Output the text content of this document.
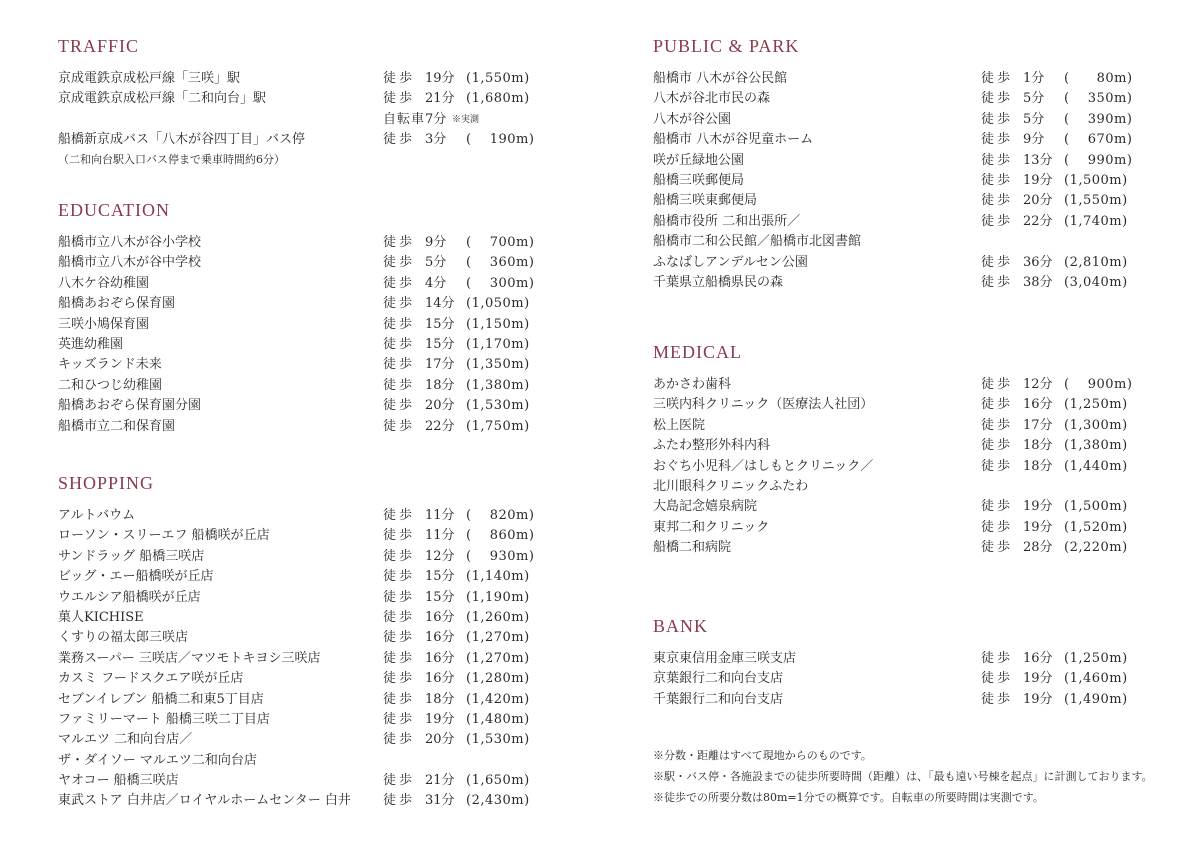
TRAFFIC
京成電鉄京成松戸線「三咲」駅	徒歩 19分 (1,550m)
京成電鉄京成松戸線「二和向台」駅	徒歩 21分 (1,680m)
自転車 7分 ※実測
船橋新京成バス「八木が谷四丁目」バス停	徒歩 3分 (　 190m)
（二和向台駅入口バス停まで乗車時間約6分）
EDUCATION
船橋市立八木が谷小学校	徒歩 9分 (　 700m)
船橋市立八木が谷中学校	徒歩 5分 (　 360m)
八木ケ谷幼稚園	徒歩 4分 (　 300m)
船橋あおぞら保育園	徒歩 14分 (1,050m)
三咲小鳩保育園	徒歩 15分 (1,150m)
英進幼稚園	徒歩 15分 (1,170m)
キッズランド未来	徒歩 17分 (1,350m)
二和ひつじ幼稚園	徒歩 18分 (1,380m)
船橋あおぞら保育園分園	徒歩 20分 (1,530m)
船橋市立二和保育園	徒歩 22分 (1,750m)
SHOPPING
アルトバウム	徒歩 11分 (　 820m)
ローソン・スリーエフ 船橋咲が丘店	徒歩 11分 (　 860m)
サンドラッグ 船橋三咲店	徒歩 12分 (　 930m)
ビッグ・エー船橋咲が丘店	徒歩 15分 (1,140m)
ウエルシア船橋咲が丘店	徒歩 15分 (1,190m)
菓人KICHISE	徒歩 16分 (1,260m)
くすりの福太郎三咲店	徒歩 16分 (1,270m)
業務スーパー 三咲店／マツモトキヨシ三咲店	徒歩 16分 (1,270m)
カスミ フードスクエア咲が丘店	徒歩 16分 (1,280m)
セブンイレブン 船橋二和東5丁目店	徒歩 18分 (1,420m)
ファミリーマート 船橋三咲二丁目店	徒歩 19分 (1,480m)
マルエツ 二和向台店／	徒歩 20分 (1,530m)
ザ・ダイソー マルエツ二和向台店
ヤオコー 船橋三咲店	徒歩 21分 (1,650m)
東武ストア 白井店／ロイヤルホームセンター 白井 徒歩 31分 (2,430m)
PUBLIC & PARK
船橋市 八木が谷公民館	徒歩 1分 (　　80m)
八木が谷北市民の森	徒歩 5分 (　 350m)
八木が谷公園	徒歩 5分 (　 390m)
船橋市 八木が谷児童ホーム	徒歩 9分 (　 670m)
咲が丘緑地公園	徒歩 13分 (　 990m)
船橋三咲郵便局	徒歩 19分 (1,500m)
船橋三咲東郵便局	徒歩 20分 (1,550m)
船橋市役所 二和出張所／	徒歩 22分 (1,740m)
船橋市二和公民館／船橋市北図書館
ふなばしアンデルセン公園	徒歩 36分 (2,810m)
千葉県立船橋県民の森	徒歩 38分 (3,040m)
MEDICAL
あかさわ歯科	徒歩 12分 (　 900m)
三咲内科クリニック（医療法人社団）	徒歩 16分 (1,250m)
松上医院	徒歩 17分 (1,300m)
ふたわ整形外科内科	徒歩 18分 (1,380m)
おぐち小児科／はしもとクリニック／	徒歩 18分 (1,440m)
北川眼科クリニックふたわ
大島記念嬉泉病院	徒歩 19分 (1,500m)
東邦二和クリニック	徒歩 19分 (1,520m)
船橋二和病院	徒歩 28分 (2,220m)
BANK
東京東信用金庫三咲支店	徒歩 16分 (1,250m)
京葉銀行二和向台支店	徒歩 19分 (1,460m)
千葉銀行二和向台支店	徒歩 19分 (1,490m)
※分数・距離はすべて現地からのものです。
※駅・バス停・各施設までの徒歩所要時間（距離）は、「最も遠い号棟を起点」に計測しております。
※徒歩での所要分数は80m=1分での概算です。自転車の所要時間は実測です。
